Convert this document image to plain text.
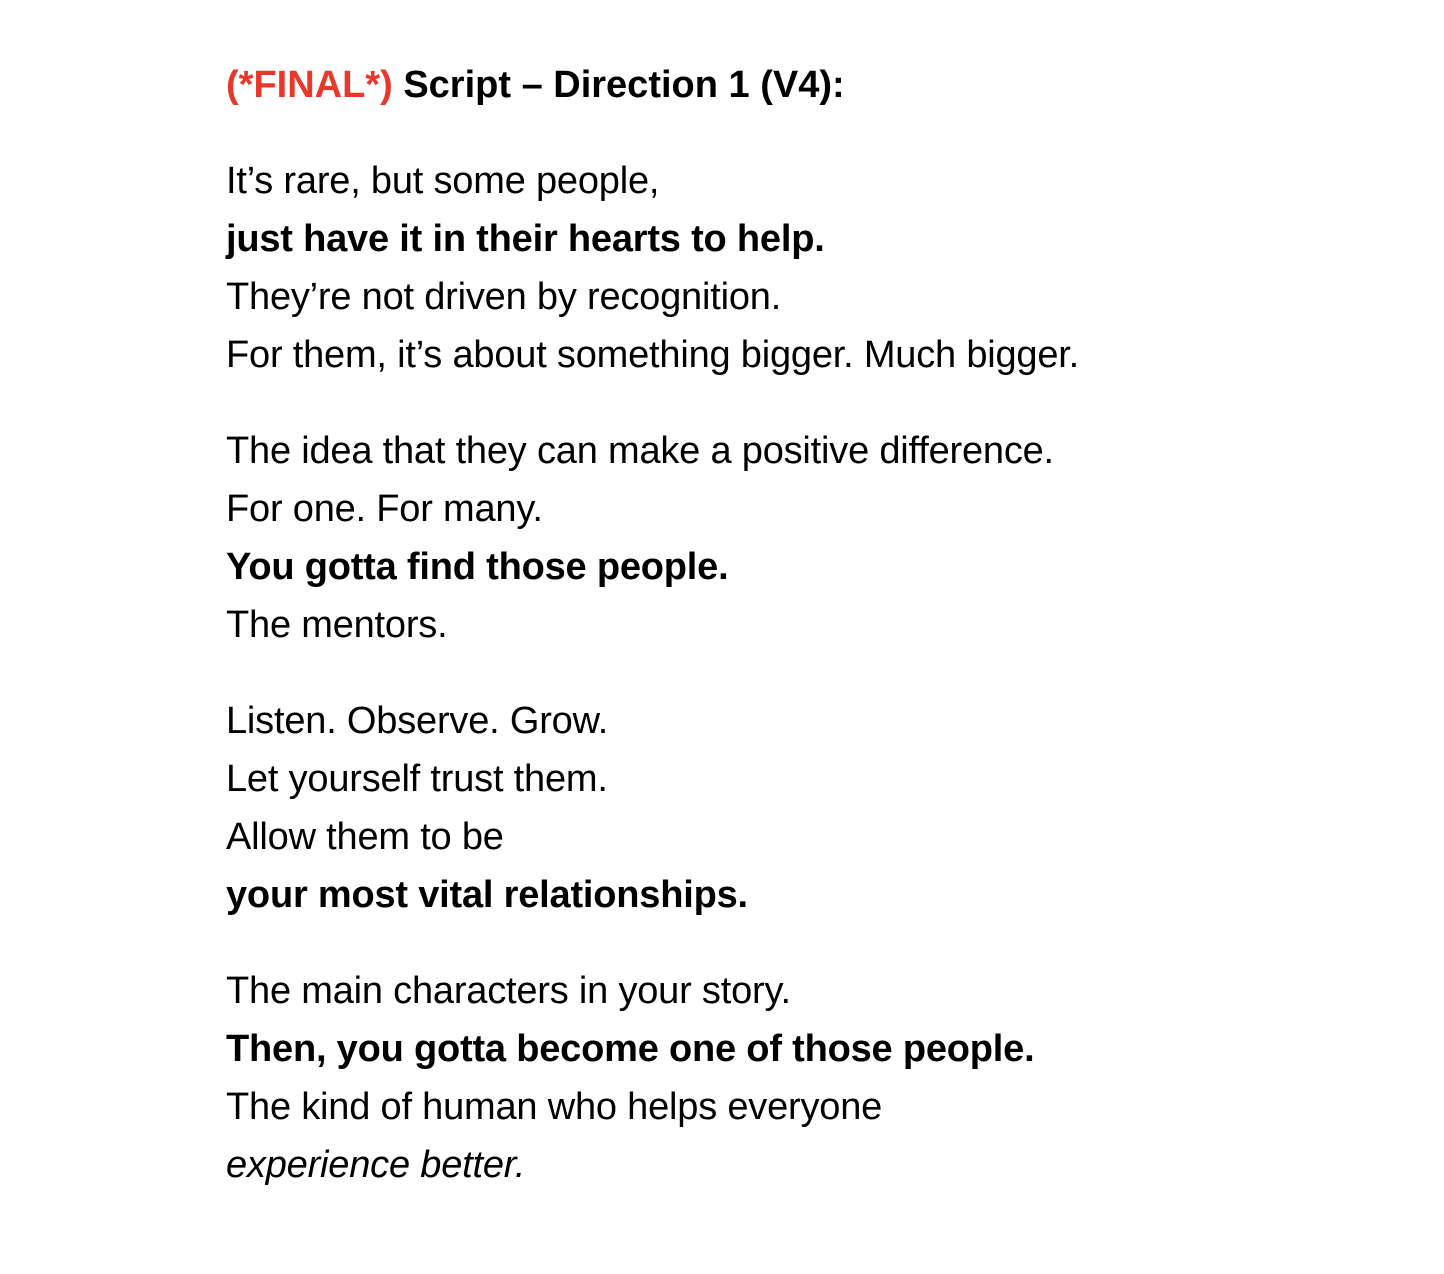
(*FINAL*) Script – Direction 1 (V4):
It’s rare, but some people,
just have it in their hearts to help.
They’re not driven by recognition.
For them, it’s about something bigger. Much bigger.
The idea that they can make a positive difference.
For one. For many.
You gotta find those people.
The mentors.
Listen. Observe. Grow.
Let yourself trust them.
Allow them to be
your most vital relationships.
The main characters in your story.
Then, you gotta become one of those people.
The kind of human who helps everyone
experience better.
